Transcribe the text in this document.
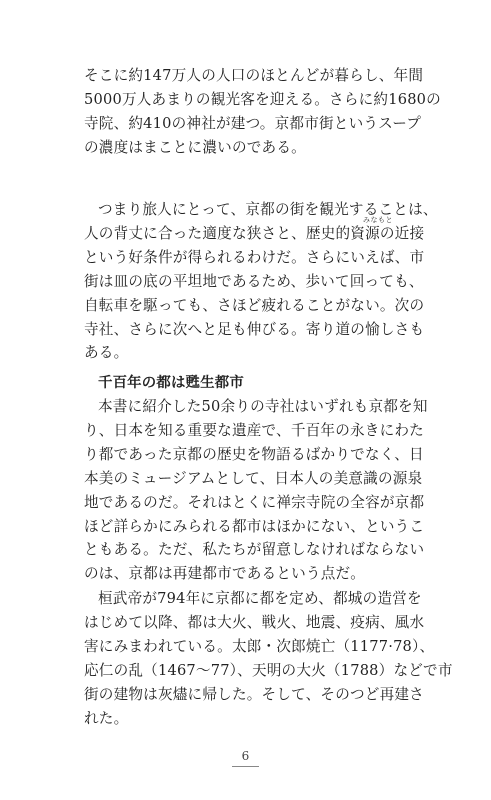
そこに約147万人の人口のほとんどが暮らし、年間
5000万人あまりの観光客を迎える。さらに約1680の
寺院、約410の神社が建つ。京都市街というスープ
の濃度はまことに濃いのである。
つまり旅人にとって、京都の街を観光することは、
人の背丈に合った適度な狭さと、歴史的資源の近接
という好条件が得られるわけだ。さらにいえば、市
街は皿の底の平坦地であるため、歩いて回っても、
自転車を駆っても、さほど疲れることがない。次の
寺社、さらに次へと足も伸びる。寄り道の愉しさも
ある。
みなもと
千百年の都は甦生都市
本書に紹介した50余りの寺社はいずれも京都を知
り、日本を知る重要な遺産で、千百年の永きにわた
り都であった京都の歴史を物語るばかりでなく、日
本美のミュージアムとして、日本人の美意識の源泉
地であるのだ。それはとくに禅宗寺院の全容が京都
ほど詳らかにみられる都市はほかにない、というこ
ともある。ただ、私たちが留意しなければならない
のは、京都は再建都市であるという点だ。
桓武帝が794年に京都に都を定め、都城の造営を
はじめて以降、都は大火、戦火、地震、疫病、風水
害にみまわれている。太郎・次郎焼亡（1177·78）、
応仁の乱（1467～77）、天明の大火（1788）などで市
街の建物は灰燼に帰した。そして、そのつど再建さ
れた。
6
